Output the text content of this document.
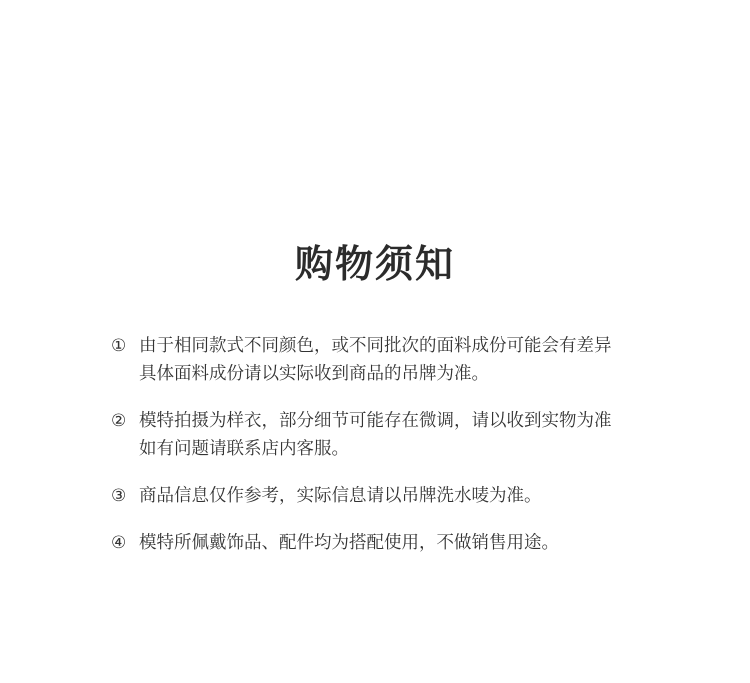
购物须知
① 由于相同款式不同颜色，或不同批次的面料成份可能会有差异
具体面料成份请以实际收到商品的吊牌为准。
② 模特拍摄为样衣，部分细节可能存在微调，请以收到实物为准
如有问题请联系店内客服。
③ 商品信息仅作参考，实际信息请以吊牌洗水唛为准。
④ 模特所佩戴饰品、配件均为搭配使用，不做销售用途。
